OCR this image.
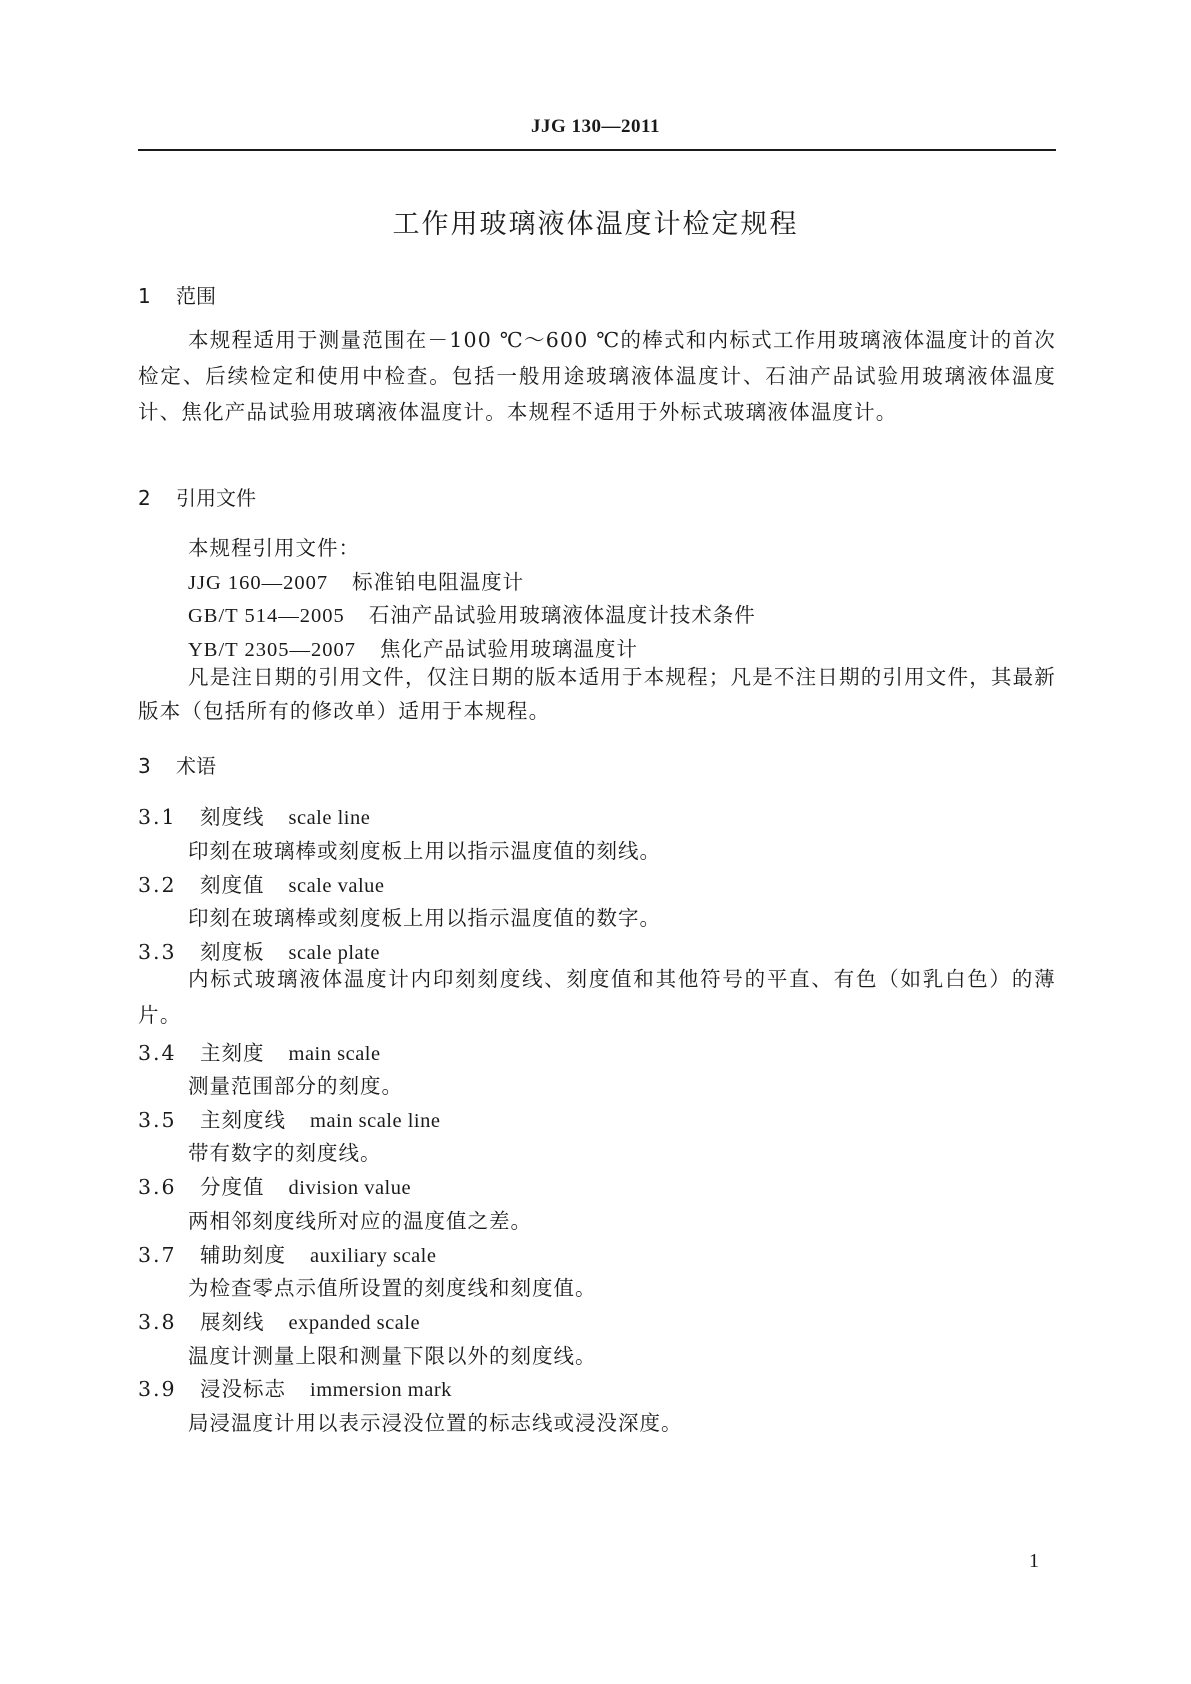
JJG 130—2011
工作用玻璃液体温度计检定规程
1 范围
本规程适用于测量范围在－100 ℃～600 ℃的棒式和内标式工作用玻璃液体温度计的首次检定、后续检定和使用中检查。包括一般用途玻璃液体温度计、石油产品试验用玻璃液体温度计、焦化产品试验用玻璃液体温度计。本规程不适用于外标式玻璃液体温度计。
2 引用文件
本规程引用文件：
JJG 160—2007 标准铂电阻温度计
GB/T 514—2005 石油产品试验用玻璃液体温度计技术条件
YB/T 2305—2007 焦化产品试验用玻璃温度计
凡是注日期的引用文件，仅注日期的版本适用于本规程；凡是不注日期的引用文件，其最新版本（包括所有的修改单）适用于本规程。
3 术语
3.1 刻度线 scale line
印刻在玻璃棒或刻度板上用以指示温度值的刻线。
3.2 刻度值 scale value
印刻在玻璃棒或刻度板上用以指示温度值的数字。
3.3 刻度板 scale plate
内标式玻璃液体温度计内印刻刻度线、刻度值和其他符号的平直、有色（如乳白色）的薄片。
3.4 主刻度 main scale
测量范围部分的刻度。
3.5 主刻度线 main scale line
带有数字的刻度线。
3.6 分度值 division value
两相邻刻度线所对应的温度值之差。
3.7 辅助刻度 auxiliary scale
为检查零点示值所设置的刻度线和刻度值。
3.8 展刻线 expanded scale
温度计测量上限和测量下限以外的刻度线。
3.9 浸没标志 immersion mark
局浸温度计用以表示浸没位置的标志线或浸没深度。
1
